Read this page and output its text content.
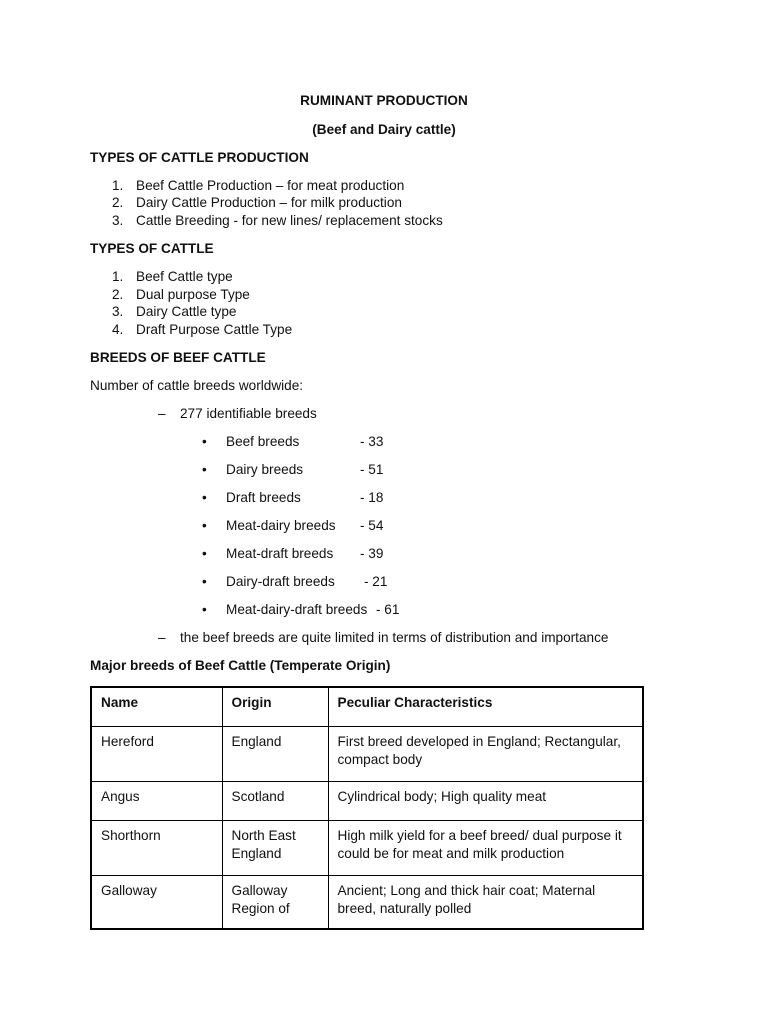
RUMINANT PRODUCTION
(Beef and Dairy cattle)
TYPES OF CATTLE PRODUCTION
1. Beef Cattle Production – for meat production
2. Dairy Cattle Production – for milk production
3. Cattle Breeding - for new lines/ replacement stocks
TYPES OF CATTLE
1. Beef Cattle type
2. Dual purpose Type
3. Dairy Cattle type
4. Draft Purpose Cattle Type
BREEDS OF BEEF CATTLE
Number of cattle breeds worldwide:
– 277 identifiable breeds
• Beef breeds	- 33
• Dairy breeds	- 51
• Draft breeds	- 18
• Meat-dairy breeds - 54
• Meat-draft breeds - 39
• Dairy-draft breeds - 21
• Meat-dairy-draft breeds - 61
– the beef breeds are quite limited in terms of distribution and importance
Major breeds of Beef Cattle (Temperate Origin)
Name	Origin	Peculiar Characteristics
Hereford	England	First breed developed in England; Rectangular, compact body
Angus	Scotland	Cylindrical body; High quality meat
Shorthorn	North East England	High milk yield for a beef breed/ dual purpose it could be for meat and milk production
Galloway	Galloway Region of	Ancient; Long and thick hair coat; Maternal breed, naturally polled
